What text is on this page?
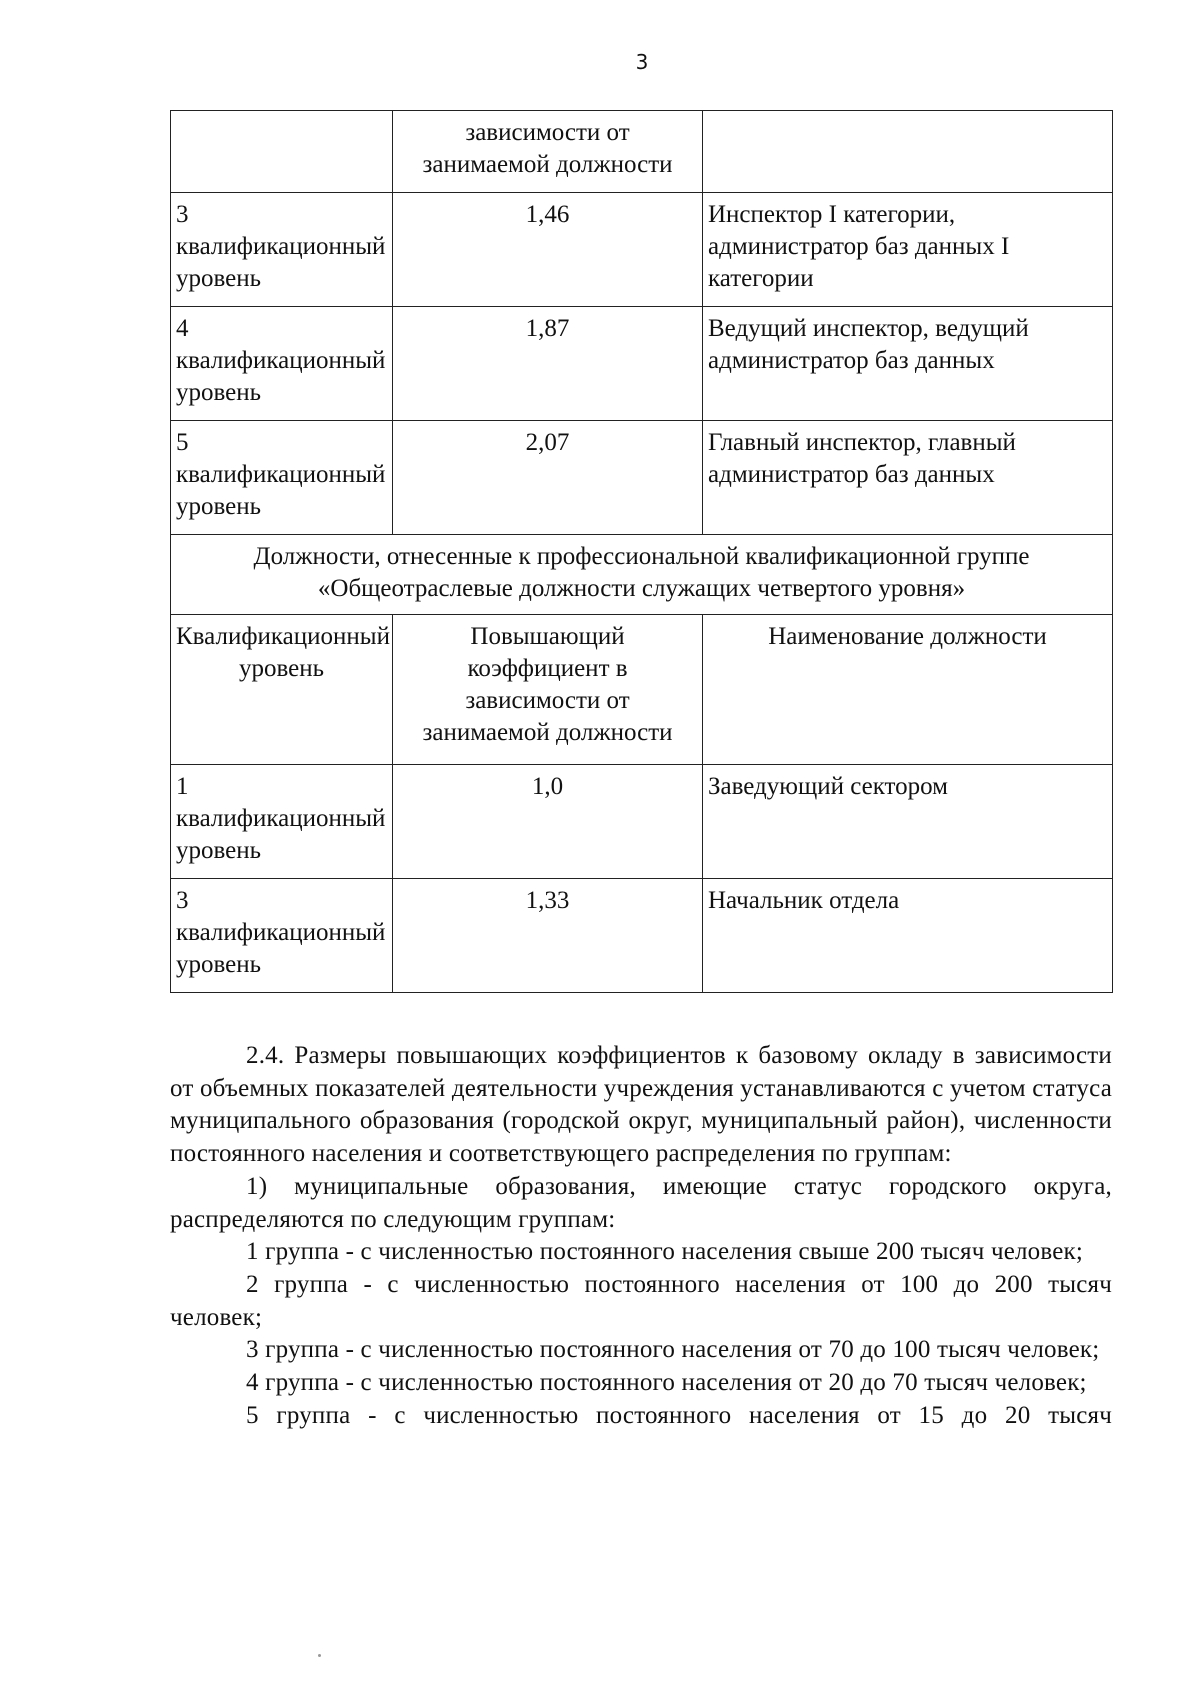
3

	зависимости от
занимаемой должности	

3
квалификационный
уровень	1,46	Инспектор I категории,
администратор баз данных I
категории

4
квалификационный
уровень	1,87	Ведущий инспектор, ведущий
администратор баз данных

5
квалификационный
уровень	2,07	Главный инспектор, главный
администратор баз данных

Должности, отнесенные к профессиональной квалификационной группе
«Общеотраслевые должности служащих четвертого уровня»		

Квалификационный
уровень	Повышающий
коэффициент в
зависимости от
занимаемой должности	Наименование должности

1
квалификационный
уровень	1,0	Заведующий сектором

3
квалификационный
уровень	1,33	Начальник отдела

2.4. Размеры повышающих коэффициентов к базовому окладу в зависимости от объемных показателей деятельности учреждения устанавливаются с учетом статуса муниципального образования (городской округ, муниципальный район), численности постоянного населения и соответствующего распределения по группам:

1) муниципальные образования, имеющие статус городского округа, распределяются по следующим группам:

1 группа - с численностью постоянного населения свыше 200 тысяч человек;

2 группа - с численностью постоянного населения от 100 до 200 тысяч человек;

3 группа - с численностью постоянного населения от 70 до 100 тысяч человек;

4 группа - с численностью постоянного населения от 20 до 70 тысяч человек;

5 группа - с численностью постоянного населения от 15 до 20 тысяч
